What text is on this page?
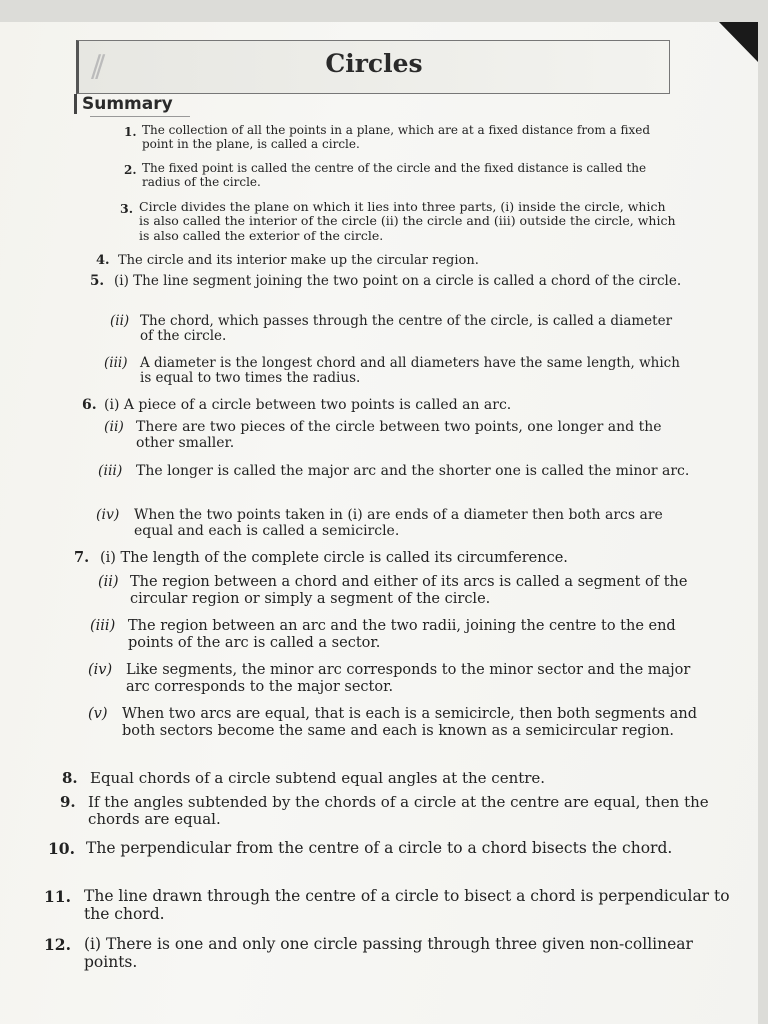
//	Circles
Summary
1. The collection of all the points in a plane, which are at a fixed distance from a fixed point in the plane, is called a circle.
2. The fixed point is called the centre of the circle and the fixed distance is called the radius of the circle.
3. Circle divides the plane on which it lies into three parts, (i) inside the circle, which is also called the interior of the circle (ii) the circle and (iii) outside the circle, which is also called the exterior of the circle.
4. The circle and its interior make up the circular region.
5. (i) The line segment joining the two point on a circle is called a chord of the circle.
(ii) The chord, which passes through the centre of the circle, is called a diameter of the circle.
(iii) A diameter is the longest chord and all diameters have the same length, which is equal to two times the radius.
6. (i) A piece of a circle between two points is called an arc.
(ii) There are two pieces of the circle between two points, one longer and the other smaller.
(iii) The longer is called the major arc and the shorter one is called the minor arc.
(iv) When the two points taken in (i) are ends of a diameter then both arcs are equal and each is called a semicircle.
7. (i) The length of the complete circle is called its circumference.
(ii) The region between a chord and either of its arcs is called a segment of the circular region or simply a segment of the circle.
(iii) The region between an arc and the two radii, joining the centre to the end points of the arc is called a sector.
(iv) Like segments, the minor arc corresponds to the minor sector and the major arc corresponds to the major sector.
(v) When two arcs are equal, that is each is a semicircle, then both segments and both sectors become the same and each is known as a semicircular region.
8. Equal chords of a circle subtend equal angles at the centre.
9. If the angles subtended by the chords of a circle at the centre are equal, then the chords are equal.
10. The perpendicular from the centre of a circle to a chord bisects the chord.
11. The line drawn through the centre of a circle to bisect a chord is perpendicular to the chord.
12. (i) There is one and only one circle passing through three given non-collinear points.
